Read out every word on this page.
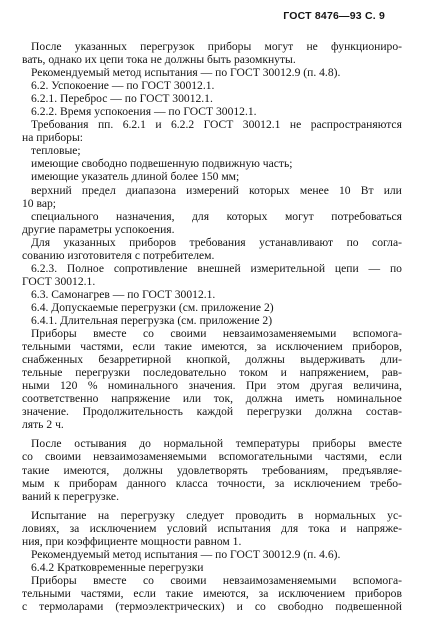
ГОСТ 8476—93 С. 9
После указанных перегрузок приборы могут не функциониро-
вать, однако их цепи тока не должны быть разомкнуты.
Рекомендуемый метод испытания — по ГОСТ 30012.9 (п. 4.8).
6.2. Успокоение — по ГОСТ 30012.1.
6.2.1. Переброс — по ГОСТ 30012.1.
6.2.2. Время успокоения — по ГОСТ 30012.1.
Требования пп. 6.2.1 и 6.2.2 ГОСТ 30012.1 не распространяются
на приборы:
тепловые;
имеющие свободно подвешенную подвижную часть;
имеющие указатель длиной более 150 мм;
верхний предел диапазона измерений которых менее 10 Вт или
10 вар;
специального назначения, для которых могут потребоваться
другие параметры успокоения.
Для указанных приборов требования устанавливают по согла-
сованию изготовителя с потребителем.
6.2.3. Полное сопротивление внешней измерительной цепи — по
ГОСТ 30012.1.
6.3. Самонагрев — по ГОСТ 30012.1.
6.4. Допускаемые перегрузки (см. приложение 2)
6.4.1. Длительная перегрузка (см. приложение 2)
Приборы вместе со своими невзаимозаменяемыми вспомога-
тельными частями, если такие имеются, за исключением приборов,
снабженных безарретирной кнопкой, должны выдерживать дли-
тельные перегрузки последовательно током и напряжением, рав-
ными 120 % номинального значения. При этом другая величина,
соответственно напряжение или ток, должна иметь номинальное
значение. Продолжительность каждой перегрузки должна состав-
лять 2 ч.
После остывания до нормальной температуры приборы вместе
со своими невзаимозаменяемыми вспомогательными частями, если
такие имеются, должны удовлетворять требованиям, предъявляе-
мым к приборам данного класса точности, за исключением требо-
ваний к перегрузке.
Испытание на перегрузку следует проводить в нормальных ус-
ловиях, за исключением условий испытания для тока и напряже-
ния, при коэффициенте мощности равном 1.
Рекомендуемый метод испытания — по ГОСТ 30012.9 (п. 4.6).
6.4.2 Кратковременные перегрузки
Приборы вместе со своими невзаимозаменяемыми вспомога-
тельными частями, если такие имеются, за исключением приборов
с термоларами (термоэлектрических) и со свободно подвешенной
